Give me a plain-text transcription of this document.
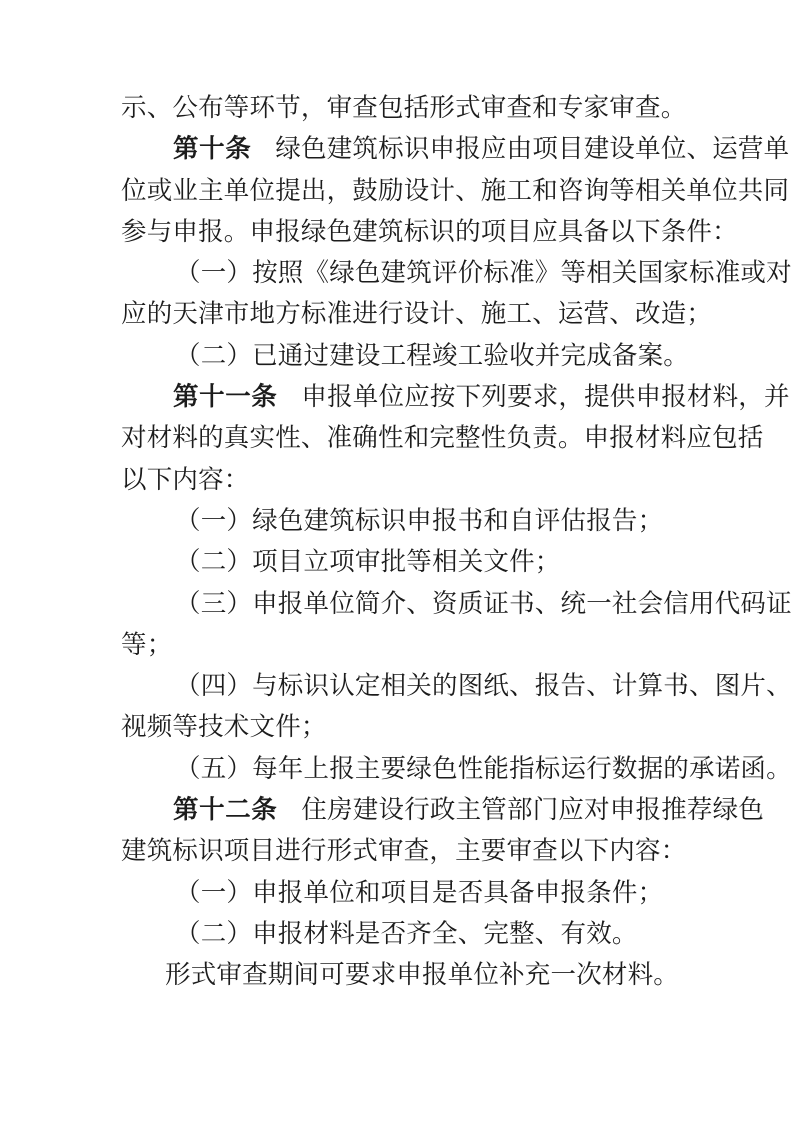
示、公布等环节，审查包括形式审查和专家审查。
第十条 绿色建筑标识申报应由项目建设单位、运营单
位或业主单位提出，鼓励设计、施工和咨询等相关单位共同
参与申报。申报绿色建筑标识的项目应具备以下条件：
（一）按照《绿色建筑评价标准》等相关国家标准或对
应的天津市地方标准进行设计、施工、运营、改造；
（二）已通过建设工程竣工验收并完成备案。
第十一条 申报单位应按下列要求，提供申报材料，并
对材料的真实性、准确性和完整性负责。申报材料应包括
以下内容：
（一）绿色建筑标识申报书和自评估报告；
（二）项目立项审批等相关文件；
（三）申报单位简介、资质证书、统一社会信用代码证
等；
（四）与标识认定相关的图纸、报告、计算书、图片、
视频等技术文件；
（五）每年上报主要绿色性能指标运行数据的承诺函。
第十二条 住房建设行政主管部门应对申报推荐绿色
建筑标识项目进行形式审查，主要审查以下内容：
（一）申报单位和项目是否具备申报条件；
（二）申报材料是否齐全、完整、有效。
形式审查期间可要求申报单位补充一次材料。
